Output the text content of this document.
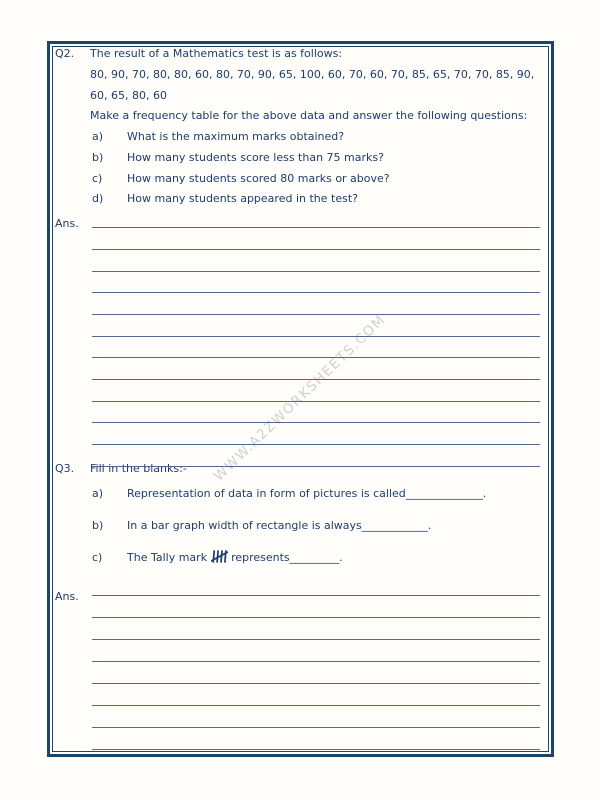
WWW.A2ZWORKSHEETS.COM
Q2. The result of a Mathematics test is as follows:
80, 90, 70, 80, 80, 60, 80, 70, 90, 65, 100, 60, 70, 60, 70, 85, 65, 70, 70, 85, 90,
60, 65, 80, 60
Make a frequency table for the above data and answer the following questions:
a) What is the maximum marks obtained?
b) How many students score less than 75 marks?
c) How many students scored 80 marks or above?
d) How many students appeared in the test?
Ans.
Q3. Fill in the blanks:-
a) Representation of data in form of pictures is called______________.
b) In a bar graph width of rectangle is always____________.
c) The Tally mark represents_________.
Ans.
